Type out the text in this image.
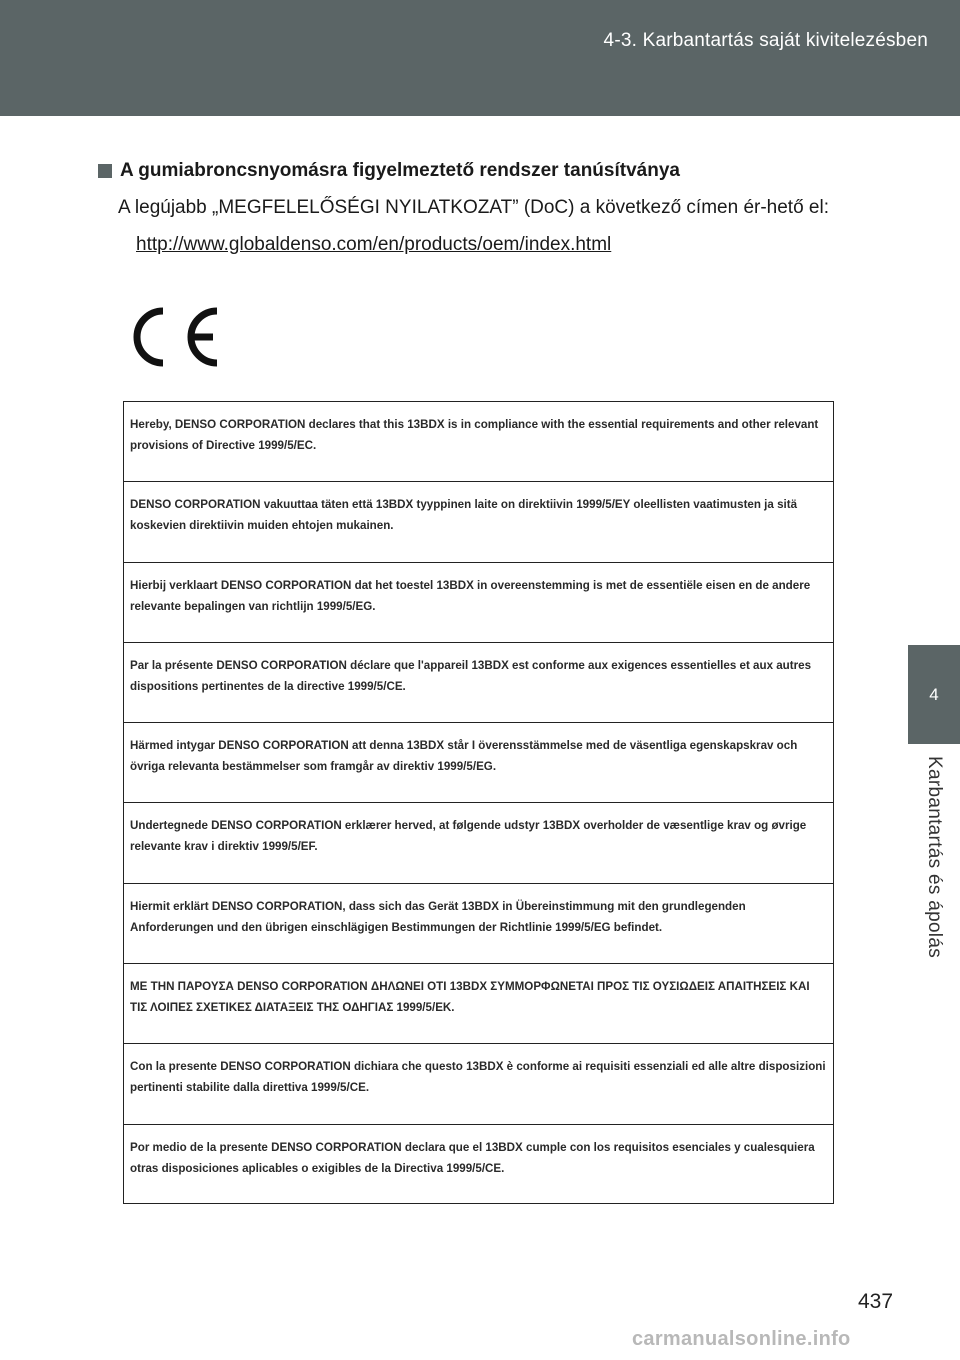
4-3. Karbantartás saját kivitelezésben
4
Karbantartás és ápolás
A gumiabroncsnyomásra figyelmeztető rendszer tanúsítványa

A legújabb „MEGFELELŐSÉGI NYILATKOZAT” (DoC) a következő címen ér-hető el:

http://www.globaldenso.com/en/products/oem/index.html
Hereby, DENSO CORPORATION declares that this 13BDX is in compliance with the essential requirements and other relevant provisions of Directive 1999/5/EC.
DENSO CORPORATION vakuuttaa täten että 13BDX tyyppinen laite on direktiivin 1999/5/EY oleellisten vaatimusten ja sitä koskevien direktiivin muiden ehtojen mukainen.
Hierbij verklaart DENSO CORPORATION dat het toestel 13BDX in overeenstemming is met de essentiële eisen en de andere relevante bepalingen van richtlijn 1999/5/EG.
Par la présente DENSO CORPORATION déclare que l'appareil 13BDX est conforme aux exigences essentielles et aux autres dispositions pertinentes de la directive 1999/5/CE.
Härmed intygar DENSO CORPORATION att denna 13BDX står I överensstämmelse med de väsentliga egenskapskrav och övriga relevanta bestämmelser som framgår av direktiv 1999/5/EG.
Undertegnede DENSO CORPORATION erklærer herved, at følgende udstyr 13BDX overholder de væsentlige krav og øvrige relevante krav i direktiv 1999/5/EF.
Hiermit erklärt DENSO CORPORATION, dass sich das Gerät 13BDX in Übereinstimmung mit den grundlegenden Anforderungen und den übrigen einschlägigen Bestimmungen der Richtlinie 1999/5/EG befindet.
ΜΕ ΤΗΝ ΠΑΡΟΥΣΑ DENSO CORPORATION ΔΗΛΩΝΕΙ ΟΤΙ 13BDX ΣΥΜΜΟΡΦΩΝΕΤΑΙ ΠΡΟΣ ΤΙΣ ΟΥΣΙΩΔΕΙΣ ΑΠΑΙΤΗΣΕΙΣ ΚΑΙ ΤΙΣ ΛΟΙΠΕΣ ΣΧΕΤΙΚΕΣ ΔΙΑΤΑΞΕΙΣ ΤΗΣ ΟΔΗΓΙΑΣ 1999/5/ΕΚ.
Con la presente DENSO CORPORATION dichiara che questo 13BDX è conforme ai requisiti essenziali ed alle altre disposizioni pertinenti stabilite dalla direttiva 1999/5/CE.
Por medio de la presente DENSO CORPORATION declara que el 13BDX cumple con los requisitos esenciales y cualesquiera otras disposiciones aplicables o exigibles de la Directiva 1999/5/CE.
437
carmanualsonline.info
